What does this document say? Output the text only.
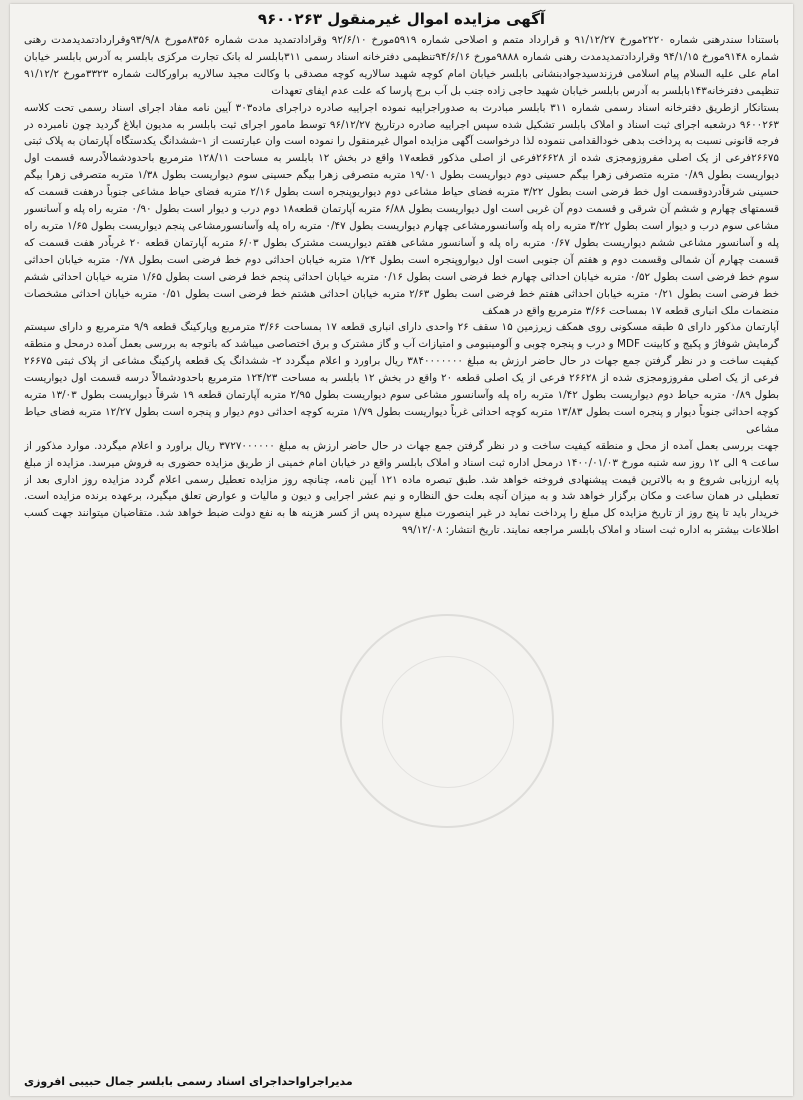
آگهی مزایده اموال غیرمنقول ۹۶۰۰۲۶۳

باستنادا سندرهنی شماره ۲۲۲۰مورخ ۹۱/۱۲/۲۷ و قرارداد متمم و اصلاحی شماره ۵۹۱۹مورخ ۹۲/۶/۱۰ وقرادادتمدید مدت شماره ۸۳۵۶مورخ ۹۳/۹/۸وقراردادتمدیدمدت رهنی شماره ۹۱۴۸مورخ ۹۴/۱/۱۵ وقراردادتمدیدمدت رهنی شماره ۹۸۸۸مورخ ۹۴/۶/۱۶تنظیمی دفترخانه اسناد رسمی ۳۱۱بابلسر له بانک تجارت مرکزی بابلسر به آدرس بابلسر خیابان امام علی علیه السلام پیام اسلامی فرزندسیدجوادبنشانی بابلسر خیابان امام کوچه شهید سالاریه کوچه مصدقی با وکالت مجید سالاریه براورکالت شماره ۳۳۲۳مورخ ۹۱/۱۲/۲ تنظیمی دفترخانه۱۴۳بابلسر به آدرس بابلسر خیابان شهید حاجی زاده جنب بل آب برج پارسا که علت عدم ایفای تعهدات

بستانکار ازطریق دفترخانه اسناد رسمی شماره ۳۱۱ بابلسر مبادرت به صدوراجراییه نموده اجراییه صادره دراجرای ماده۳۰۳ آیین نامه مفاد اجرای اسناد رسمی تحت کلاسه ۹۶۰۰۲۶۳ درشعبه اجرای ثبت اسناد و املاک بابلسر تشکیل شده سپس اجراییه صادره درتاریخ ۹۶/۱۲/۲۷ توسط مامور اجرای ثبت بابلسر به مدیون ابلاغ گردید چون نامبرده در فرجه قانونی نسبت به پرداخت بدهی خودالقدامی ننموده لذا درخواست آگهی مزایده اموال غیرمنقول را نموده است وان عبارتست از ۱-ششدانگ یکدستگاه آپارتمان به پلاک ثبتی ۲۶۶۷۵فرعی از یک اصلی مفروزومجزی شده از ۲۶۶۲۸فرعی از اصلی مذکور قطعه۱۷ واقع در بخش ۱۲ بابلسر به مساحت ۱۲۸/۱۱ مترمربع باحدودشمالاًدرسه قسمت اول دیواریست بطول ۰/۸۹ متربه متصرفی زهرا بیگم حسینی دوم دیواریست بطول ۱۹/۰۱ متربه متصرفی زهرا بیگم حسینی سوم دیواریست بطول ۱/۳۸ متربه متصرفی زهرا بیگم حسینی شرقاًدردوقسمت اول خط فرضی است بطول ۳/۲۲ متربه فضای حیاط مشاعی دوم دیواریوپنجره است بطول ۲/۱۶ متربه فضای حیاط مشاعی جنوباً درهفت قسمت که قسمتهای چهارم و ششم آن شرقی و قسمت دوم آن غربی است اول دیواریست بطول ۶/۸۸ متربه آپارتمان قطعه۱۸ دوم درب و دیوار است بطول ۰/۹۰ متربه راه پله و آسانسور مشاعی سوم درب و دیوار است بطول ۳/۲۲ متربه راه پله وآسانسورمشاعی چهارم دیواریست بطول ۰/۴۷ متربه راه پله وآسانسورمشاعی پنجم دیواریست بطول ۱/۶۵ متربه راه پله و آسانسور مشاعی ششم دیواریست بطول ۰/۶۷ متربه راه پله و آسانسور مشاعی هفتم دیواریست مشترک بطول ۶/۰۳ متربه آپارتمان قطعه ۲۰ غرباًدر هفت قسمت که قسمت چهارم آن شمالی وقسمت دوم و هفتم آن جنوبی است اول دیواروپنجره است بطول ۱/۲۴ متربه خیابان احداثی دوم خط فرضی است بطول ۰/۷۸ متربه خیابان احداثی سوم خط فرضی است بطول ۰/۵۲ متربه خیابان احداثی چهارم خط فرضی است بطول ۰/۱۶ متربه خیابان احداثی پنجم خط فرضی است بطول ۱/۶۵ متربه خیابان احداثی ششم خط فرضی است بطول ۰/۲۱ متربه خیابان احداثی هفتم خط فرضی است بطول ۲/۶۳ متربه خیابان احداثی هشتم خط فرضی است بطول ۰/۵۱ متربه خیابان احداثی مشخصات منضمات ملک انباری قطعه ۱۷ بمساحت ۳/۶۶ مترمربع واقع در همکف

آپارتمان مذکور دارای ۵ طبقه مسکونی روی همکف زیرزمین ۱۵ سقف ۲۶ واحدی دارای انباری قطعه ۱۷ بمساحت ۳/۶۶ مترمربع وپارکینگ قطعه ۹/۹ مترمربع و دارای سیستم گرمایش شوفاژ و پکیج و کابینت MDF و درب و پنجره چوبی و آلومینیومی و امتیازات آب و گاز مشترک و برق اختصاصی میباشد که باتوجه به بررسی بعمل آمده درمحل و منطقه کیفیت ساخت و در نظر گرفتن جمع جهات در حال حاضر ارزش به مبلغ ۳۸۴۰۰۰۰۰۰۰ ریال براورد و اعلام میگردد ۲- ششدانگ یک قطعه پارکینگ مشاعی از پلاک ثبتی ۲۶۶۷۵ فرعی از یک اصلی مفروزومجزی شده از ۲۶۶۲۸ فرعی از یک اصلی قطعه ۲۰ واقع در بخش ۱۲ بابلسر به مساحت ۱۲۴/۲۳ مترمربع باحدودشمالاً درسه قسمت اول دیواریست بطول ۰/۸۹ متربه حیاط دوم دیواریست بطول ۱/۴۲ متربه راه پله وآسانسور مشاعی سوم دیواریست بطول ۲/۹۵ متربه آپارتمان قطعه ۱۹ شرقاً دیواریست بطول ۱۳/۰۳ متربه کوچه احداثی جنوباً دیوار و پنجره است بطول ۱۳/۸۳ متربه کوچه احداثی غرباً دیواریست بطول ۱/۷۹ متربه کوچه احداثی دوم دیوار و پنجره است بطول ۱۲/۲۷ متربه فضای حیاط مشاعی

جهت بررسی بعمل آمده از محل و منطقه کیفیت ساخت و در نظر گرفتن جمع جهات در حال حاضر ارزش به مبلغ ۳۷۲۷۰۰۰۰۰۰ ریال براورد و اعلام میگردد. موارد مذکور از ساعت ۹ الی ۱۲ روز سه شنبه مورخ ۱۴۰۰/۰۱/۰۳ درمحل اداره ثبت اسناد و املاک بابلسر واقع در خیابان امام خمینی از طریق مزایده حضوری به فروش میرسد. مزایده از مبلغ پایه ارزیابی شروع و به بالاترین قیمت پیشنهادی فروخته خواهد شد. طبق تبصره ماده ۱۲۱ آیین نامه، چنانچه روز مزایده تعطیل رسمی اعلام گردد مزایده روز اداری بعد از تعطیلی در همان ساعت و مکان برگزار خواهد شد و به میزان آنچه بعلت حق النظاره و نیم عشر اجرایی و دیون و مالیات و عوارض تعلق میگیرد، برعهده برنده مزایده است. خریدار باید تا پنج روز از تاریخ مزایده کل مبلغ را پرداخت نماید در غیر اینصورت مبلغ سپرده پس از کسر هزینه ها به نفع دولت ضبط خواهد شد. متقاضیان میتوانند جهت کسب اطلاعات بیشتر به اداره ثبت اسناد و املاک بابلسر مراجعه نمایند. تاریخ انتشار: ۹۹/۱۲/۰۸

مدیراجراواحداجرای اسناد رسمی بابلسر جمال حبیبی افروزی
